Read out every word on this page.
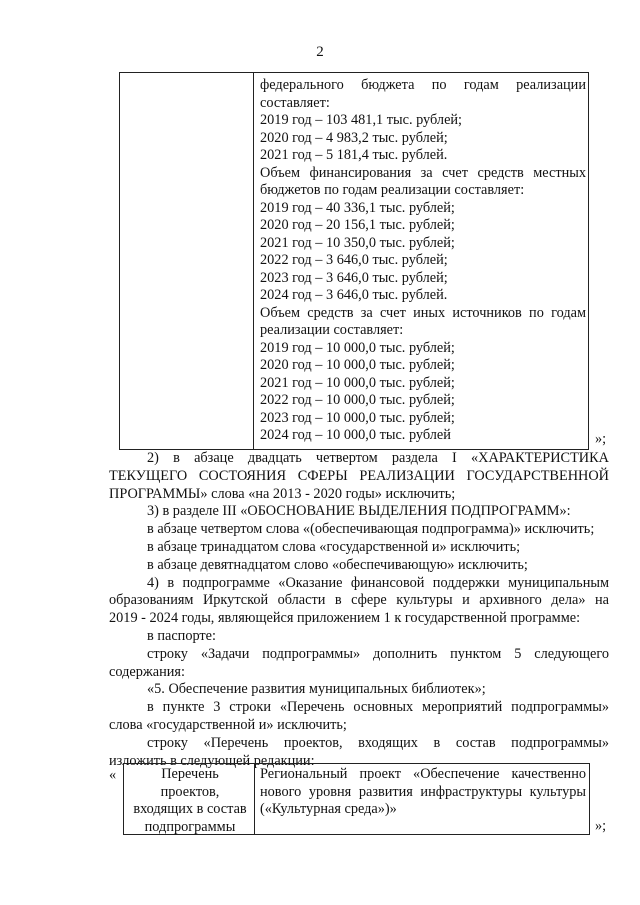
2
федерального бюджета по годам реализации
составляет:
2019 год – 103 481,1 тыс. рублей;
2020 год – 4 983,2 тыс. рублей;
2021 год – 5 181,4 тыс. рублей.
Объем финансирования за счет средств местных
бюджетов по годам реализации составляет:
2019 год – 40 336,1 тыс. рублей;
2020 год – 20 156,1 тыс. рублей;
2021 год – 10 350,0 тыс. рублей;
2022 год – 3 646,0 тыс. рублей;
2023 год – 3 646,0 тыс. рублей;
2024 год – 3 646,0 тыс. рублей.
Объем средств за счет иных источников по годам
реализации составляет:
2019 год – 10 000,0 тыс. рублей;
2020 год – 10 000,0 тыс. рублей;
2021 год – 10 000,0 тыс. рублей;
2022 год – 10 000,0 тыс. рублей;
2023 год – 10 000,0 тыс. рублей;
2024 год – 10 000,0 тыс. рублей	»;

2) в абзаце двадцать четвертом раздела I «ХАРАКТЕРИСТИКА

ТЕКУЩЕГО СОСТОЯНИЯ СФЕРЫ РЕАЛИЗАЦИИ ГОСУДАРСТВЕННОЙ

ПРОГРАММЫ» слова «на 2013 - 2020 годы» исключить;

3) в разделе III «ОБОСНОВАНИЕ ВЫДЕЛЕНИЯ ПОДПРОГРАММ»:

в абзаце четвертом слова «(обеспечивающая подпрограмма)» исключить;

в абзаце тринадцатом слова «государственной и» исключить;

в абзаце девятнадцатом слово «обеспечивающую» исключить;

4) в подпрограмме «Оказание финансовой поддержки муниципальным

образованиям Иркутской области в сфере культуры и архивного дела» на

2019 - 2024 годы, являющейся приложением 1 к государственной программе:

в паспорте:

строку «Задачи подпрограммы» дополнить пунктом 5 следующего

содержания:

«5. Обеспечение развития муниципальных библиотек»;

в пункте 3 строки «Перечень основных мероприятий подпрограммы»

слова «государственной и» исключить;

строку «Перечень проектов, входящих в состав подпрограммы»

изложить в следующей редакции:

«	Перечень
проектов,
входящих в состав
подпрограммы
Региональный проект «Обеспечение качественно нового уровня развития инфраструктуры культуры («Культурная среда»)»
»;
